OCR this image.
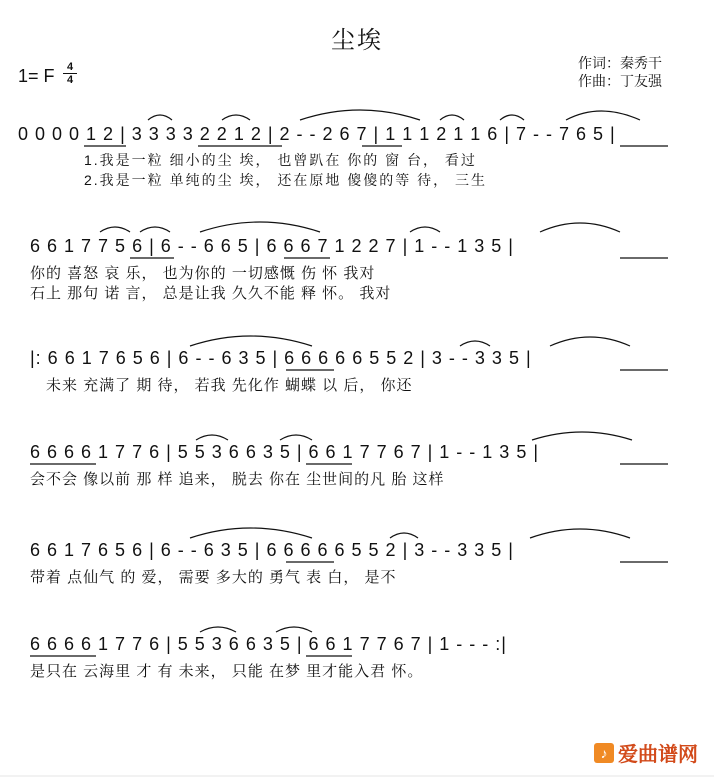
尘埃
作词：秦秀干
作曲：丁友强
1= F	4
4
0 0 0 0 1 2 | 3 3 3 3 2 2 1 2 | 2 - - 2 6 7 | 1 1 1 2 1 1 6 | 7 - - 7 6 5 |
1.我是一粒 细小的尘 埃， 也曾趴在 你的 窗 台， 看过
2.我是一粒 单纯的尘 埃， 还在原地 傻傻的等 待， 三生
6 6 1 7 7 5 6 | 6 - - 6 6 5 | 6 6 6 7 1 2 2 7 | 1 - - 1 3 5 |
你的 喜怒 哀 乐， 也为你的 一切感慨 伤 怀 我对
石上 那句 诺 言， 总是让我 久久不能 释 怀。 我对
|: 6 6 1 7 6 5 6 | 6 - - 6 3 5 | 6 6 6 6 6 5 5 2 | 3 - - 3 3 5 |
未来 充满了 期 待， 若我 先化作 蝴蝶 以 后， 你还
6 6 6 6 1 7 7 6 | 5 5 3 6 6 3 5 | 6 6 1 7 7 6 7 | 1 - - 1 3 5 |
会不会 像以前 那 样 追来， 脱去 你在 尘世间的凡 胎 这样
6 6 1 7 6 5 6 | 6 - - 6 3 5 | 6 6 6 6 6 5 5 2 | 3 - - 3 3 5 |
带着 点仙气 的 爱， 需要 多大的 勇气 表 白， 是不
6 6 6 6 1 7 7 6 | 5 5 3 6 6 3 5 | 6 6 1 7 7 6 7 | 1 - - - :|
是只在 云海里 才 有 未来， 只能 在梦 里才能入君 怀。
♪ 爱曲谱网
